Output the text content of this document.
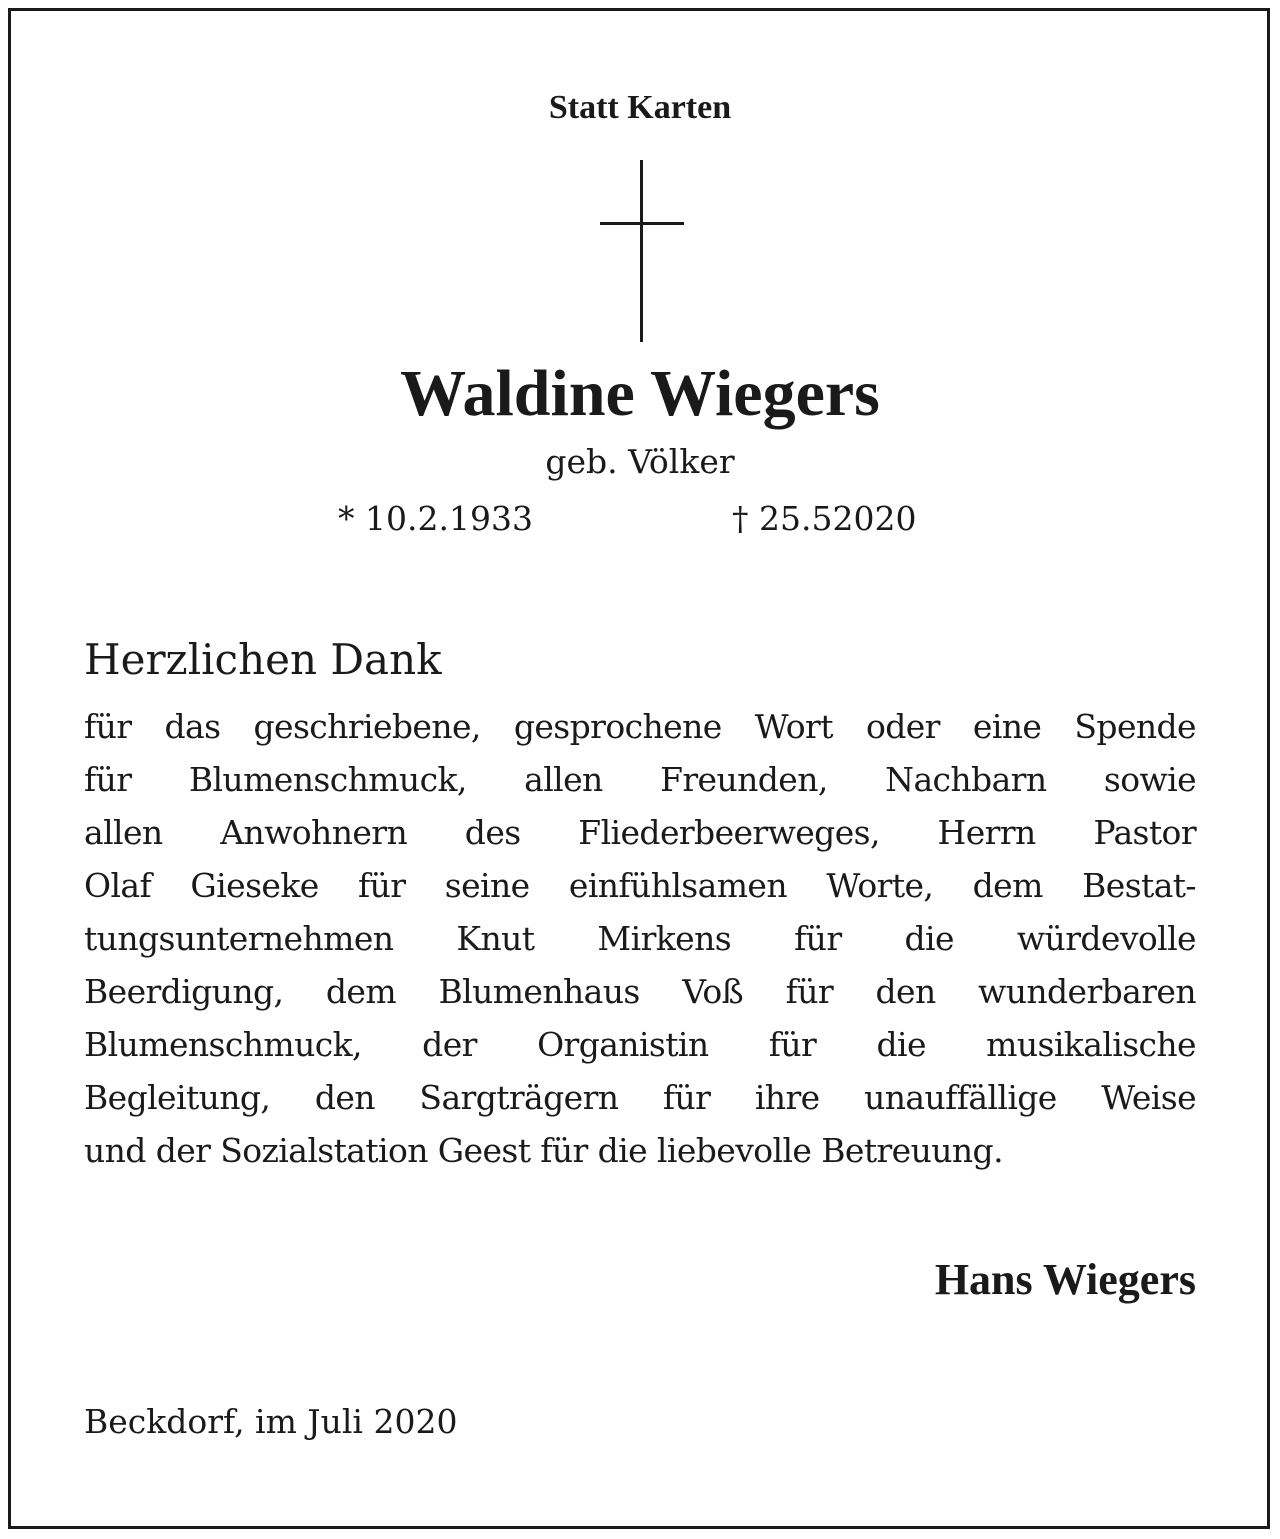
Statt Karten
Waldine Wiegers
geb. Völker
* 10.2.1933	† 25.52020
Herzlichen Dank
für das geschriebene, gesprochene Wort oder eine Spende
für Blumenschmuck, allen Freunden, Nachbarn sowie
allen Anwohnern des Fliederbeerweges, Herrn Pastor
Olaf Gieseke für seine einfühlsamen Worte, dem Bestat-
tungsunternehmen Knut Mirkens für die würdevolle
Beerdigung, dem Blumenhaus Voß für den wunderbaren
Blumenschmuck, der Organistin für die musikalische
Begleitung, den Sargträgern für ihre unauffällige Weise
und der Sozialstation Geest für die liebevolle Betreuung.
Hans Wiegers
Beckdorf, im Juli 2020
